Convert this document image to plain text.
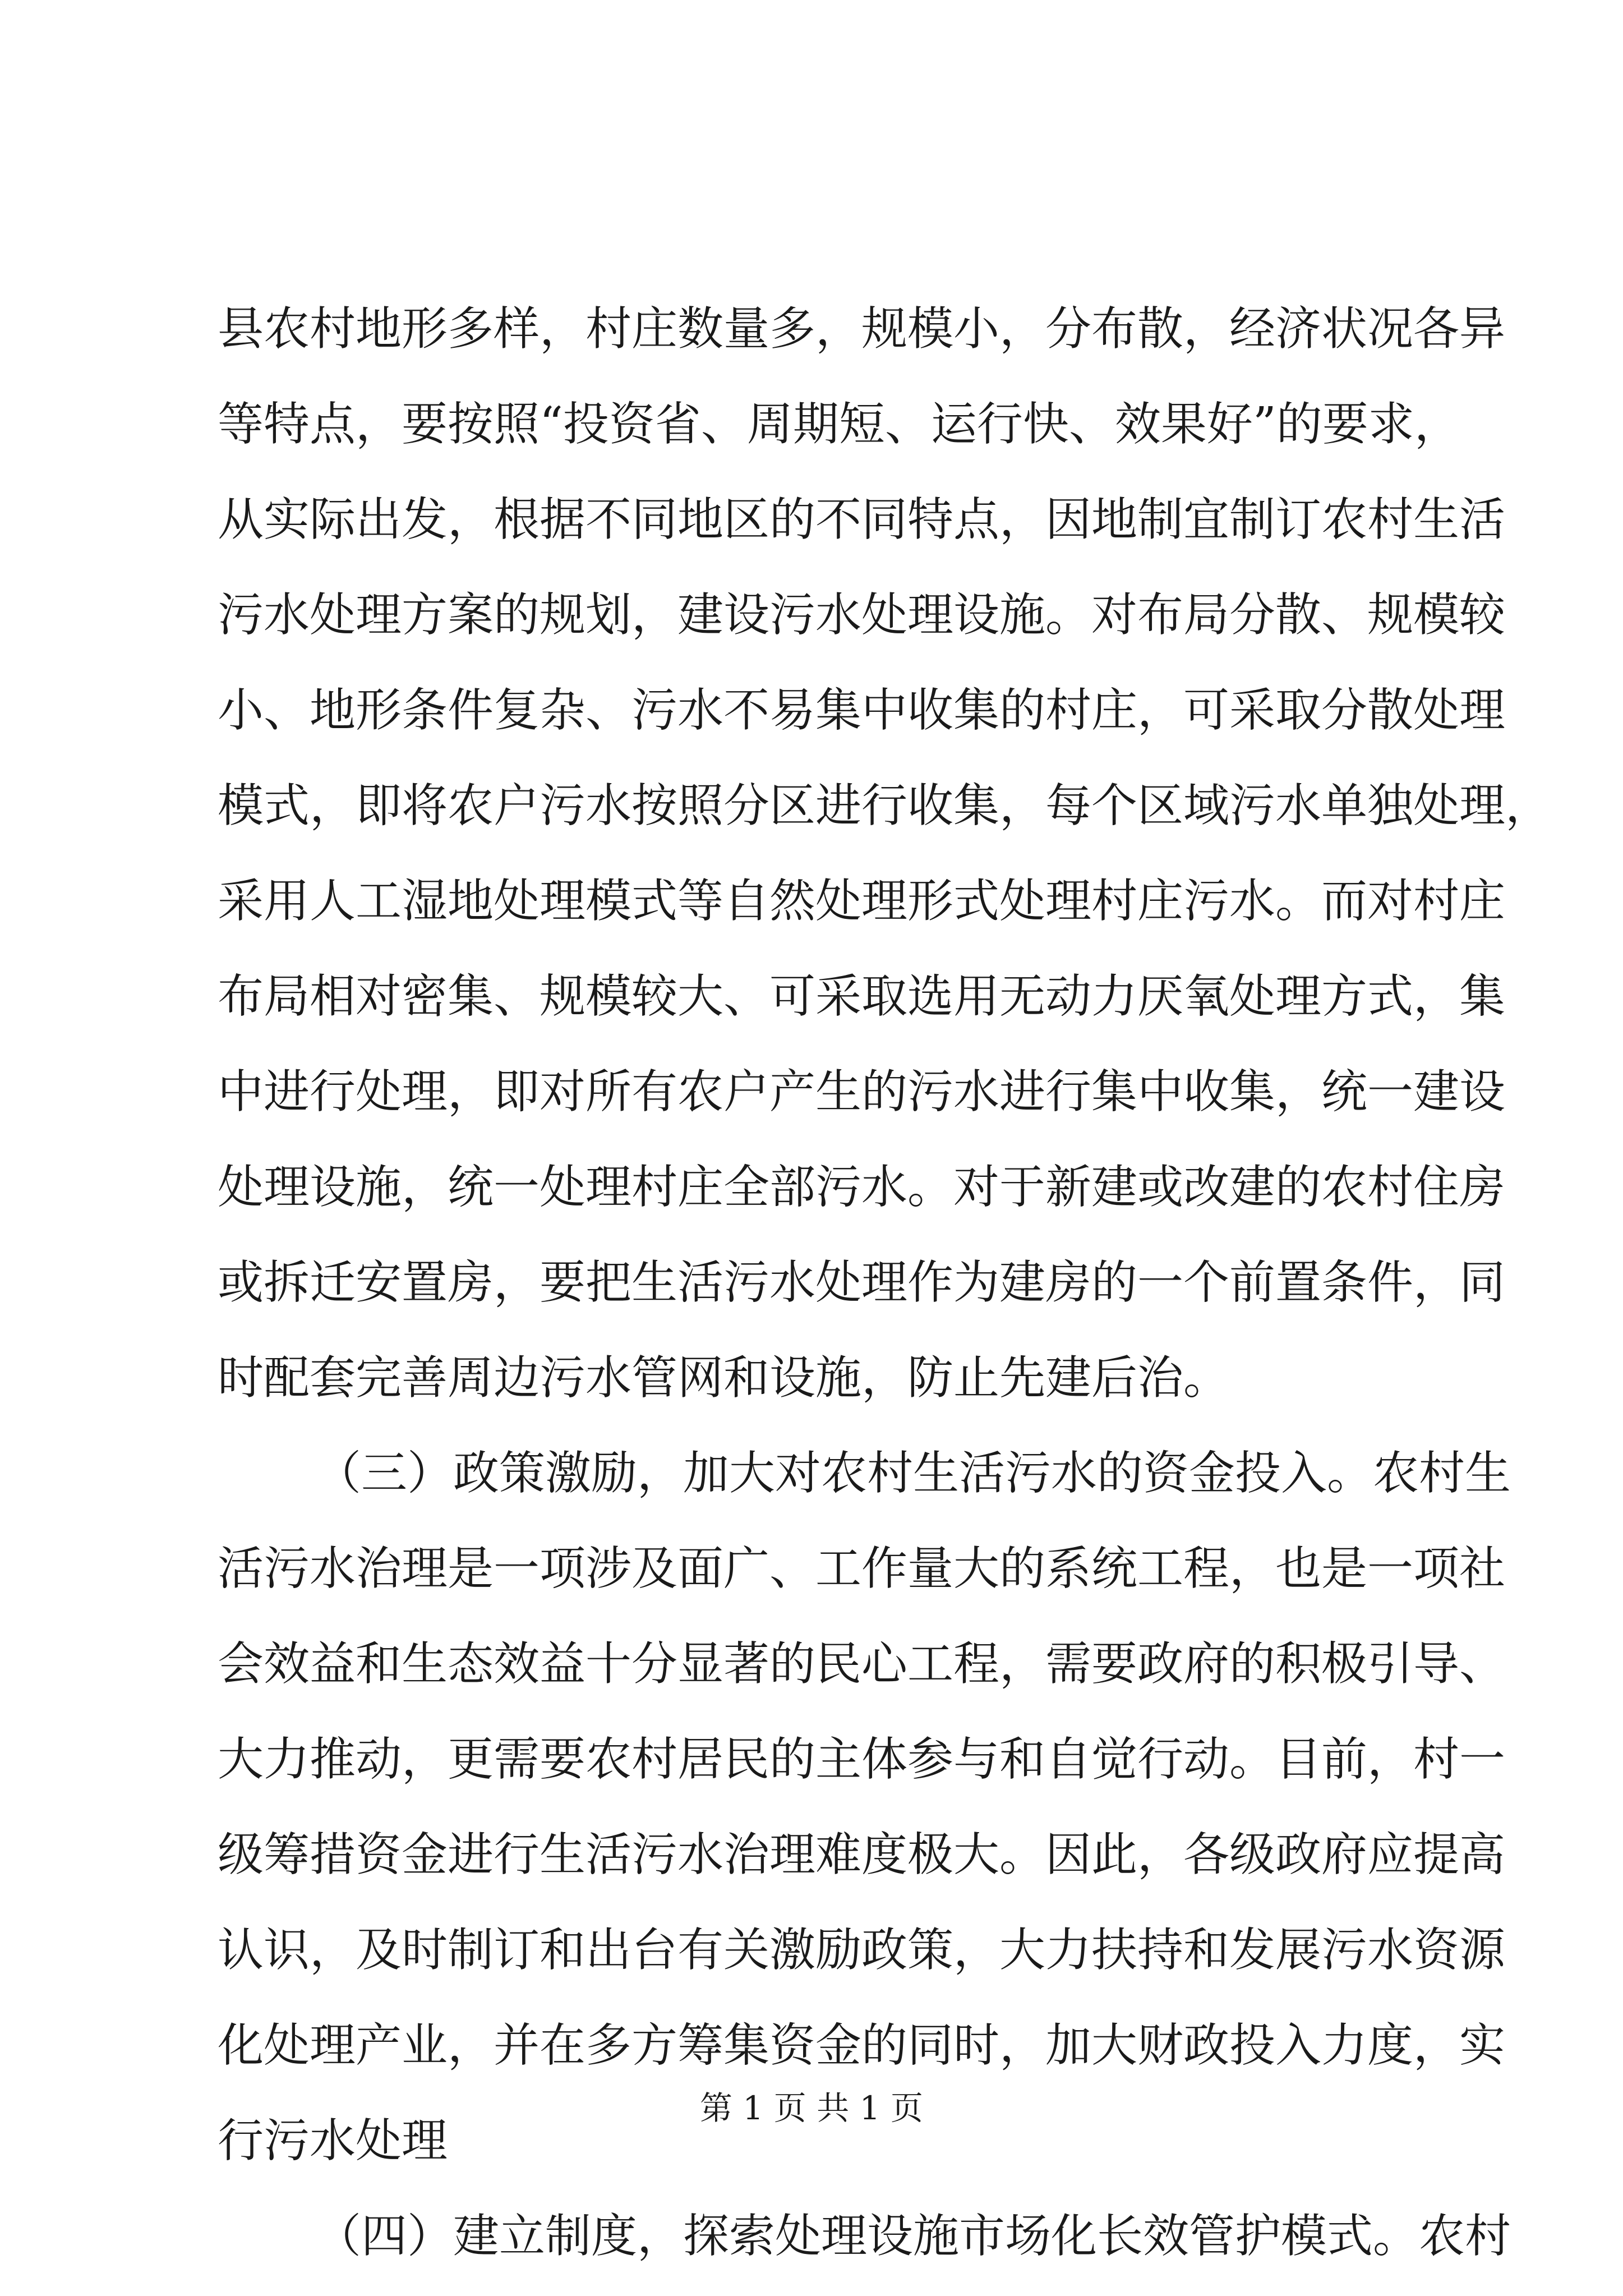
县农村地形多样，村庄数量多，规模小，分布散，经济状况各异
等特点，要按照“投资省、周期短、运行快、效果好”的要求，
从实际出发，根据不同地区的不同特点，因地制宜制订农村生活
污水处理方案的规划，建设污水处理设施。对布局分散、规模较
小、地形条件复杂、污水不易集中收集的村庄，可采取分散处理
模式，即将农户污水按照分区进行收集，每个区域污水单独处理，
采用人工湿地处理模式等自然处理形式处理村庄污水。而对村庄
布局相对密集、规模较大、可采取选用无动力厌氧处理方式，集
中进行处理，即对所有农户产生的污水进行集中收集，统一建设
处理设施，统一处理村庄全部污水。对于新建或改建的农村住房
或拆迁安置房，要把生活污水处理作为建房的一个前置条件，同
时配套完善周边污水管网和设施，防止先建后治。
（三）政策激励，加大对农村生活污水的资金投入。农村生
活污水治理是一项涉及面广、工作量大的系统工程，也是一项社
会效益和生态效益十分显著的民心工程，需要政府的积极引导、
大力推动，更需要农村居民的主体参与和自觉行动。目前，村一
级筹措资金进行生活污水治理难度极大。因此，各级政府应提高
认识，及时制订和出台有关激励政策，大力扶持和发展污水资源
化处理产业，并在多方筹集资金的同时，加大财政投入力度，实
行污水处理
（四）建立制度，探索处理设施市场化长效管护模式。农村
第 1 页 共 1 页
